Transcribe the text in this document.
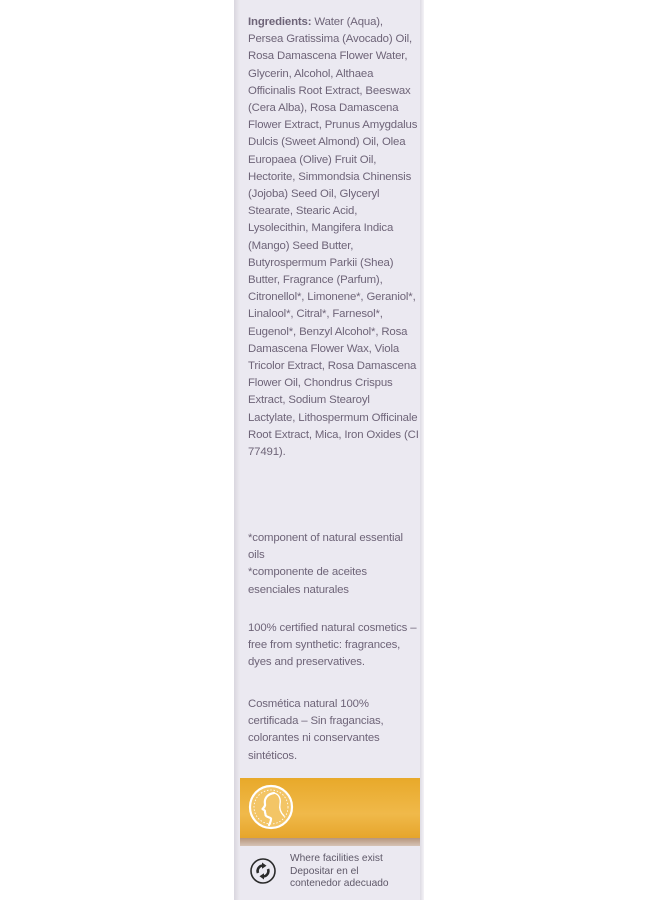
Ingredients: Water (Aqua), Persea Gratissima (Avocado) Oil, Rosa Damascena Flower Water, Glycerin, Alcohol, Althaea Officinalis Root Extract, Beeswax (Cera Alba), Rosa Damascena Flower Extract, Prunus Amygdalus Dulcis (Sweet Almond) Oil, Olea Europaea (Olive) Fruit Oil, Hectorite, Simmondsia Chinensis (Jojoba) Seed Oil, Glyceryl Stearate, Stearic Acid, Lysolecithin, Mangifera Indica (Mango) Seed Butter, Butyrospermum Parkii (Shea) Butter, Fragrance (Parfum), Citronellol*, Limonene*, Geraniol*, Linalool*, Citral*, Farnesol*, Eugenol*, Benzyl Alcohol*, Rosa Damascena Flower Wax, Viola Tricolor Extract, Rosa Damascena Flower Oil, Chondrus Crispus Extract, Sodium Stearoyl Lactylate, Lithospermum Officinale Root Extract, Mica, Iron Oxides (CI 77491).
*component of natural essential oils
*componente de aceites esenciales naturales
100% certified natural cosmetics – free from synthetic: fragrances, dyes and preservatives.
Cosmética natural 100% certificada – Sin fragancias, colorantes ni conservantes sintéticos.
Where facilities exist
Depositar en el
contenedor adecuado
